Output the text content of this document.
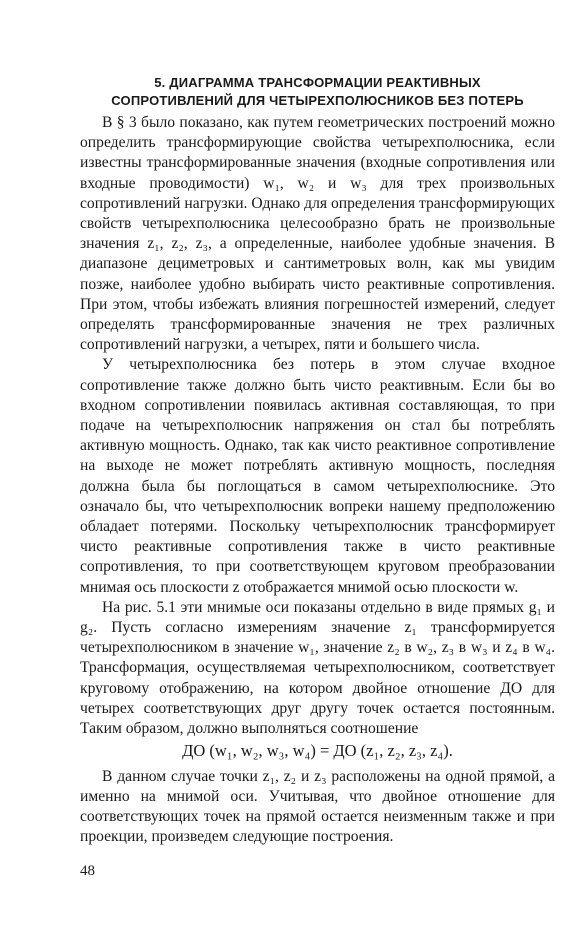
5. ДИАГРАММА ТРАНСФОРМАЦИИ РЕАКТИВНЫХ
СОПРОТИВЛЕНИЙ ДЛЯ ЧЕТЫРЕХПОЛЮСНИКОВ БЕЗ ПОТЕРЬ

В § 3 было показано, как путем геометрических построений можно определить трансформирующие свойства четырехполюсника, если известны трансформированные значения (входные сопротивления или входные проводимости) w₁, w₂ и w₃ для трех произвольных сопротивлений нагрузки. Однако для определения трансформирующих свойств четырехполюсника целесообразно брать не произвольные значения z₁, z₂, z₃, а определенные, наиболее удобные значения. В диапазоне дециметровых и сантиметровых волн, как мы увидим позже, наиболее удобно выбирать чисто реактивные сопротивления. При этом, чтобы избежать влияния погрешностей измерений, следует определять трансформированные значения не трех различных сопротивлений нагрузки, а четырех, пяти и большего числа.

У четырехполюсника без потерь в этом случае входное сопротивление также должно быть чисто реактивным. Если бы во входном сопротивлении появилась активная составляющая, то при подаче на четырехполюсник напряжения он стал бы потреблять активную мощность. Однако, так как чисто реактивное сопротивление на выходе не может потреблять активную мощность, последняя должна была бы поглощаться в самом четырехполюснике. Это означало бы, что четырехполюсник вопреки нашему предположению обладает потерями. Поскольку четырехполюсник трансформирует чисто реактивные сопротивления также в чисто реактивные сопротивления, то при соответствующем круговом преобразовании мнимая ось плоскости z отображается мнимой осью плоскости w.

На рис. 5.1 эти мнимые оси показаны отдельно в виде прямых g₁ и g₂. Пусть согласно измерениям значение z₁ трансформируется четырехполюсником в значение w₁, значение z₂ в w₂, z₃ в w₃ и z₄ в w₄. Трансформация, осуществляемая четырехполюсником, соответствует круговому отображению, на котором двойное отношение ДО для четырех соответствующих друг другу точек остается постоянным. Таким образом, должно выполняться соотношение

ДО (w₁, w₂, w₃, w₄) = ДО (z₁, z₂, z₃, z₄).

В данном случае точки z₁, z₂ и z₃ расположены на одной прямой, а именно на мнимой оси. Учитывая, что двойное отношение для соответствующих точек на прямой остается неизменным также и при проекции, произведем следующие построения.

48
